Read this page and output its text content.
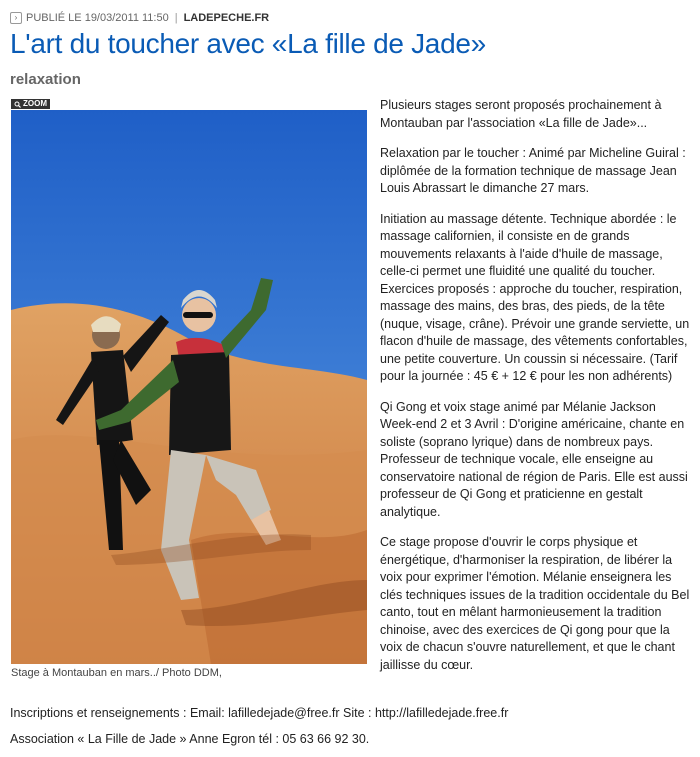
› PUBLIÉ LE 19/03/2011 11:50 | LADEPECHE.FR
L'art du toucher avec «La fille de Jade»
relaxation
ZOOM
Stage à Montauban en mars../ Photo DDM,

Plusieurs stages seront proposés prochainement à Montauban par l'association «La fille de Jade»...

Relaxation par le toucher : Animé par Micheline Guiral : diplômée de la formation technique de massage Jean Louis Abrassart le dimanche 27 mars.

Initiation au massage détente. Technique abordée : le massage californien, il consiste en de grands mouvements relaxants à l'aide d'huile de massage, celle-ci permet une fluidité une qualité du toucher. Exercices proposés : approche du toucher, respiration, massage des mains, des bras, des pieds, de la tête (nuque, visage, crâne). Prévoir une grande serviette, un flacon d'huile de massage, des vêtements confortables, une petite couverture. Un coussin si nécessaire. (Tarif pour la journée : 45 € + 12 € pour les non adhérents)

Qi Gong et voix stage animé par Mélanie Jackson Week-end 2 et 3 Avril : D'origine américaine, chante en soliste (soprano lyrique) dans de nombreux pays. Professeur de technique vocale, elle enseigne au conservatoire national de région de Paris. Elle est aussi professeur de Qi Gong et praticienne en gestalt analytique.

Ce stage propose d'ouvrir le corps physique et énergétique, d'harmoniser la respiration, de libérer la voix pour exprimer l'émotion. Mélanie enseignera les clés techniques issues de la tradition occidentale du Bel canto, tout en mêlant harmonieusement la tradition chinoise, avec des exercices de Qi gong pour que la voix de chacun s'ouvre naturellement, et que le chant jaillisse du cœur.

Inscriptions et renseignements : Email: lafilledejade@free.fr Site : http://lafilledejade.free.fr
Association « La Fille de Jade » Anne Egron tél : 05 63 66 92 30.
